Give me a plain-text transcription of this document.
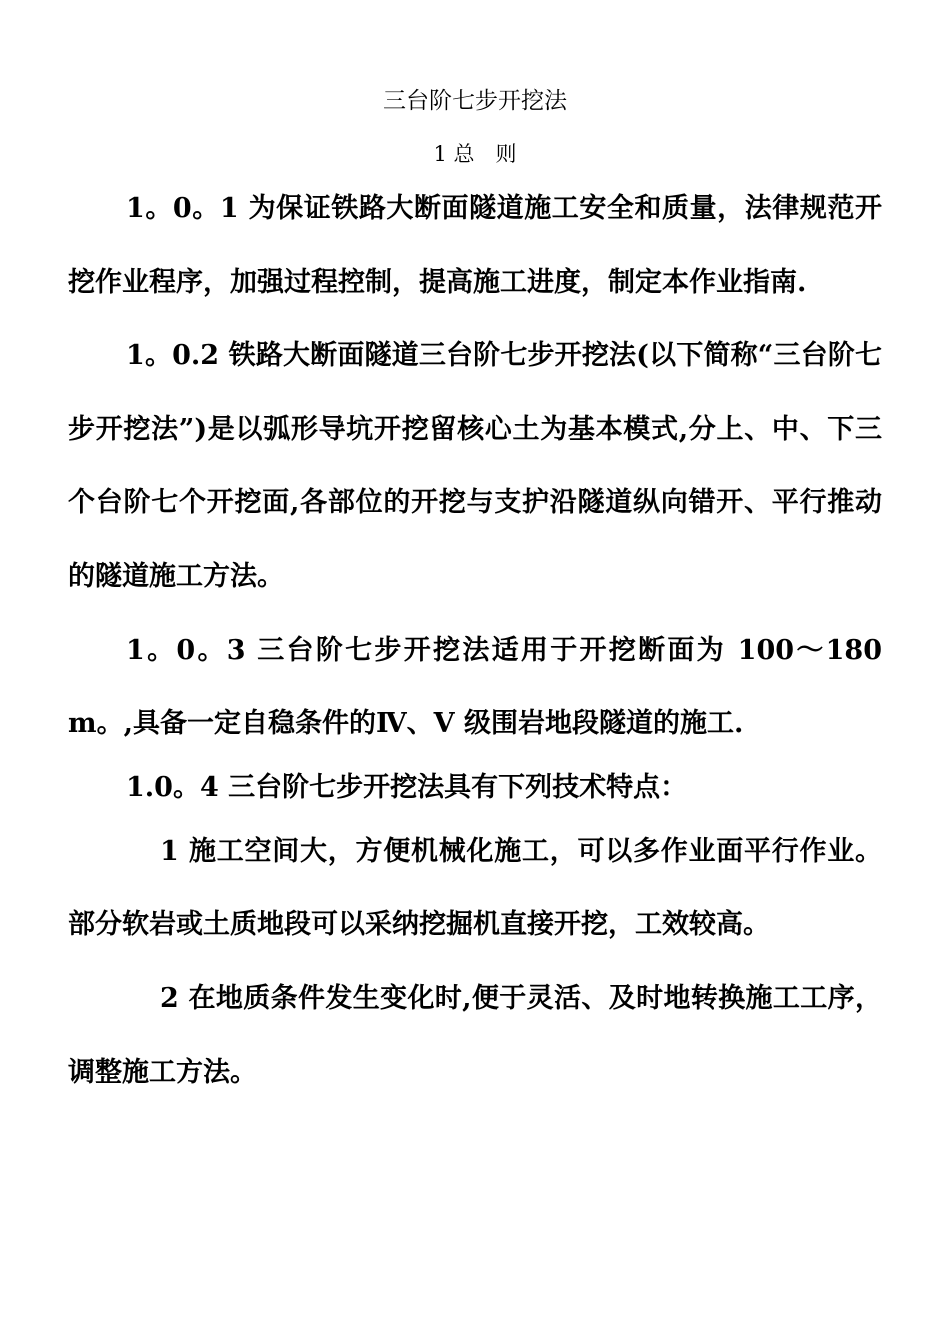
三台阶七步开挖法
1 总　则

1。0。1 为保证铁路大断面隧道施工安全和质量，法律规范开挖作业程序，加强过程控制，提高施工进度，制定本作业指南.

1。0.2 铁路大断面隧道三台阶七步开挖法(以下简称“三台阶七步开挖法”)是以弧形导坑开挖留核心土为基本模式,分上、中、下三个台阶七个开挖面,各部位的开挖与支护沿隧道纵向错开、平行推动的隧道施工方法。

1。0。3 三台阶七步开挖法适用于开挖断面为 100～180 m。,具备一定自稳条件的Ⅳ、V 级围岩地段隧道的施工.

1.0。4 三台阶七步开挖法具有下列技术特点：

1 施工空间大，方便机械化施工，可以多作业面平行作业。部分软岩或土质地段可以采纳挖掘机直接开挖，工效较高。

2 在地质条件发生变化时,便于灵活、及时地转换施工工序，调整施工方法。
